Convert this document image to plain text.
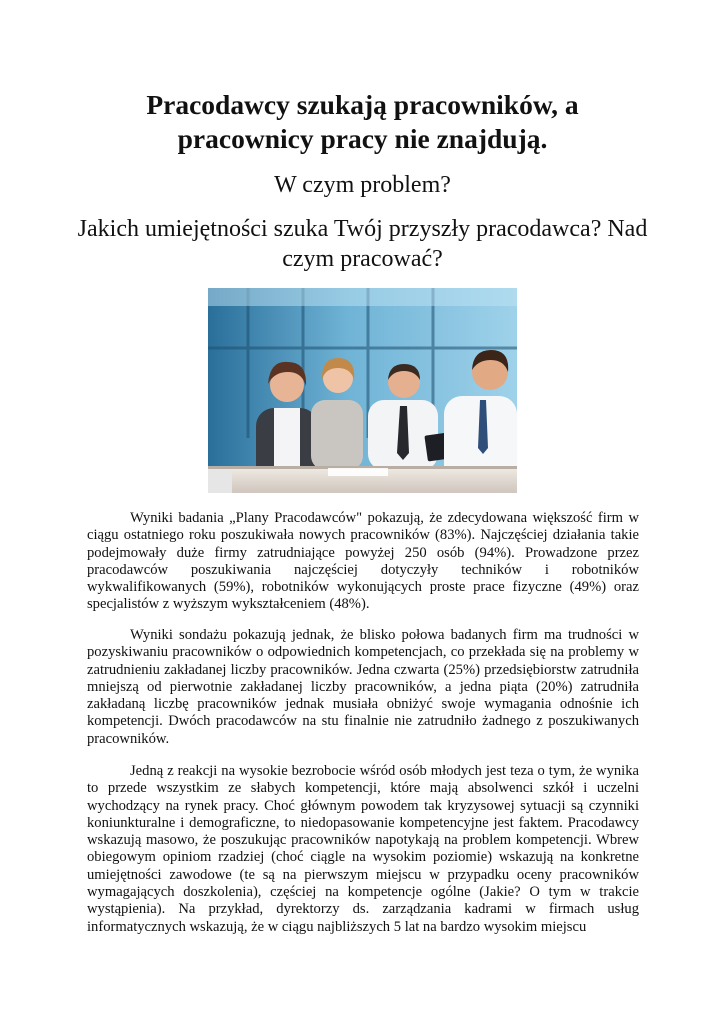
Pracodawcy szukają pracowników, a pracownicy pracy nie znajdują.

W czym problem?

Jakich umiejętności szuka Twój przyszły pracodawca? Nad czym pracować?

Wyniki badania „Plany Pracodawców" pokazują, że zdecydowana większość firm w ciągu ostatniego roku poszukiwała nowych pracowników (83%). Najczęściej działania takie podejmowały duże firmy zatrudniające powyżej 250 osób (94%). Prowadzone przez pracodawców poszukiwania najczęściej dotyczyły techników i robotników wykwalifikowanych (59%), robotników wykonujących proste prace fizyczne (49%) oraz specjalistów z wyższym wykształceniem (48%).

Wyniki sondażu pokazują jednak, że blisko połowa badanych firm ma trudności w pozyskiwaniu pracowników o odpowiednich kompetencjach, co przekłada się na problemy w zatrudnieniu zakładanej liczby pracowników. Jedna czwarta (25%) przedsiębiorstw zatrudniła mniejszą od pierwotnie zakładanej liczby pracowników, a jedna piąta (20%) zatrudniła zakładaną liczbę pracowników jednak musiała obniżyć swoje wymagania odnośnie ich kompetencji. Dwóch pracodawców na stu finalnie nie zatrudniło żadnego z poszukiwanych pracowników.

Jedną z reakcji na wysokie bezrobocie wśród osób młodych jest teza o tym, że wynika to przede wszystkim ze słabych kompetencji, które mają absolwenci szkół i uczelni wychodzący na rynek pracy. Choć głównym powodem tak kryzysowej sytuacji są czynniki koniunkturalne i demograficzne, to niedopasowanie kompetencyjne jest faktem. Pracodawcy wskazują masowo, że poszukując pracowników napotykają na problem kompetencji. Wbrew obiegowym opiniom rzadziej (choć ciągle na wysokim poziomie) wskazują na konkretne umiejętności zawodowe (te są na pierwszym miejscu w przypadku oceny pracowników wymagających doszkolenia), częściej na kompetencje ogólne (Jakie? O tym w trakcie wystąpienia). Na przykład, dyrektorzy ds. zarządzania kadrami w firmach usług informatycznych wskazują, że w ciągu najbliższych 5 lat na bardzo wysokim miejscu
